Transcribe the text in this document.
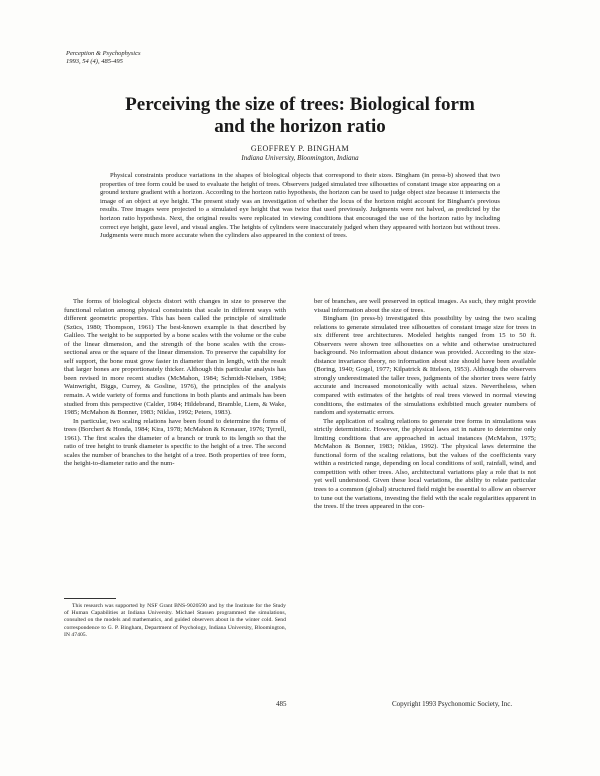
Perception & Psychophysics
1993, 54 (4), 485-495
Perceiving the size of trees: Biological form
and the horizon ratio
GEOFFREY P. BINGHAM
Indiana University, Bloomington, Indiana

Physical constraints produce variations in the shapes of biological objects that correspond to their sizes. Bingham (in press-b) showed that two properties of tree form could be used to evaluate the height of trees. Observers judged simulated tree silhouettes of constant image size appearing on a ground texture gradient with a horizon. According to the horizon ratio hypothesis, the horizon can be used to judge object size because it intersects the image of an object at eye height. The present study was an investigation of whether the locus of the horizon might account for Bingham's previous results. Tree images were projected to a simulated eye height that was twice that used previously. Judgments were not halved, as predicted by the horizon ratio hypothesis. Next, the original results were replicated in viewing conditions that encouraged the use of the horizon ratio by including correct eye height, gaze level, and visual angles. The heights of cylinders were inaccurately judged when they appeared with horizon but without trees. Judgments were much more accurate when the cylinders also appeared in the context of trees.

The forms of biological objects distort with changes in size to preserve the functional relation among physical constraints that scale in different ways with different geometric properties. This has been called the principle of similitude (Szücs, 1980; Thompson, 1961) The best-known example is that described by Galileo. The weight to be supported by a bone scales with the volume or the cube of the linear dimension, and the strength of the bone scales with the cross-sectional area or the square of the linear dimension. To preserve the capability for self support, the bone must grow faster in diameter than in length, with the result that larger bones are proportionately thicker. Although this particular analysis has been revised in more recent studies (McMahon, 1984; Schmidt-Nielsen, 1984; Wainwright, Biggs, Currey, & Gosline, 1976), the principles of the analysis remain. A wide variety of forms and functions in both plants and animals has been studied from this perspective (Calder, 1984; Hildebrand, Bramble, Liem, & Wake, 1985; McMahon & Bonner, 1983; Niklas, 1992; Peters, 1983).

In particular, two scaling relations have been found to determine the forms of trees (Borchert & Honda, 1984; Kira, 1978; McMahon & Kronauer, 1976; Tyrrell, 1961). The first scales the diameter of a branch or trunk to its length so that the ratio of tree height to trunk diameter is specific to the height of a tree. The second scales the number of branches to the height of a tree. Both properties of tree form, the height-to-diameter ratio and the num-

ber of branches, are well preserved in optical images. As such, they might provide visual information about the size of trees.

Bingham (in press-b) investigated this possibility by using the two scaling relations to generate simulated tree silhouettes of constant image size for trees in six different tree architectures. Modeled heights ranged from 15 to 50 ft. Observers were shown tree silhouettes on a white and otherwise unstructured background. No information about distance was provided. According to the size-distance invariance theory, no information about size should have been available (Boring, 1940; Gogel, 1977; Kilpatrick & Ittelson, 1953). Although the observers strongly underestimated the taller trees, judgments of the shorter trees were fairly accurate and increased monotonically with actual sizes. Nevertheless, when compared with estimates of the heights of real trees viewed in normal viewing conditions, the estimates of the simulations exhibited much greater numbers of random and systematic errors.

The application of scaling relations to generate tree forms in simulations was strictly deterministic. However, the physical laws act in nature to determine only limiting conditions that are approached in actual instances (McMahon, 1975; McMahon & Bonner, 1983; Niklas, 1992). The physical laws determine the functional form of the scaling relations, but the values of the coefficients vary within a restricted range, depending on local conditions of soil, rainfall, wind, and competition with other trees. Also, architectural variations play a role that is not yet well understood. Given these local variations, the ability to relate particular trees to a common (global) structured field might be essential to allow an observer to tune out the variations, investing the field with the scale regularities apparent in the trees. If the trees appeared in the con-

This research was supported by NSF Grant BNS-9020590 and by the Institute for the Study of Human Capabilities at Indiana University. Michael Stassen programmed the simulations, consulted on the models and mathematics, and guided observers about in the winter cold. Send correspondence to G. P. Bingham, Department of Psychology, Indiana University, Bloomington, IN 47405.

485	Copyright 1993 Psychonomic Society, Inc.
